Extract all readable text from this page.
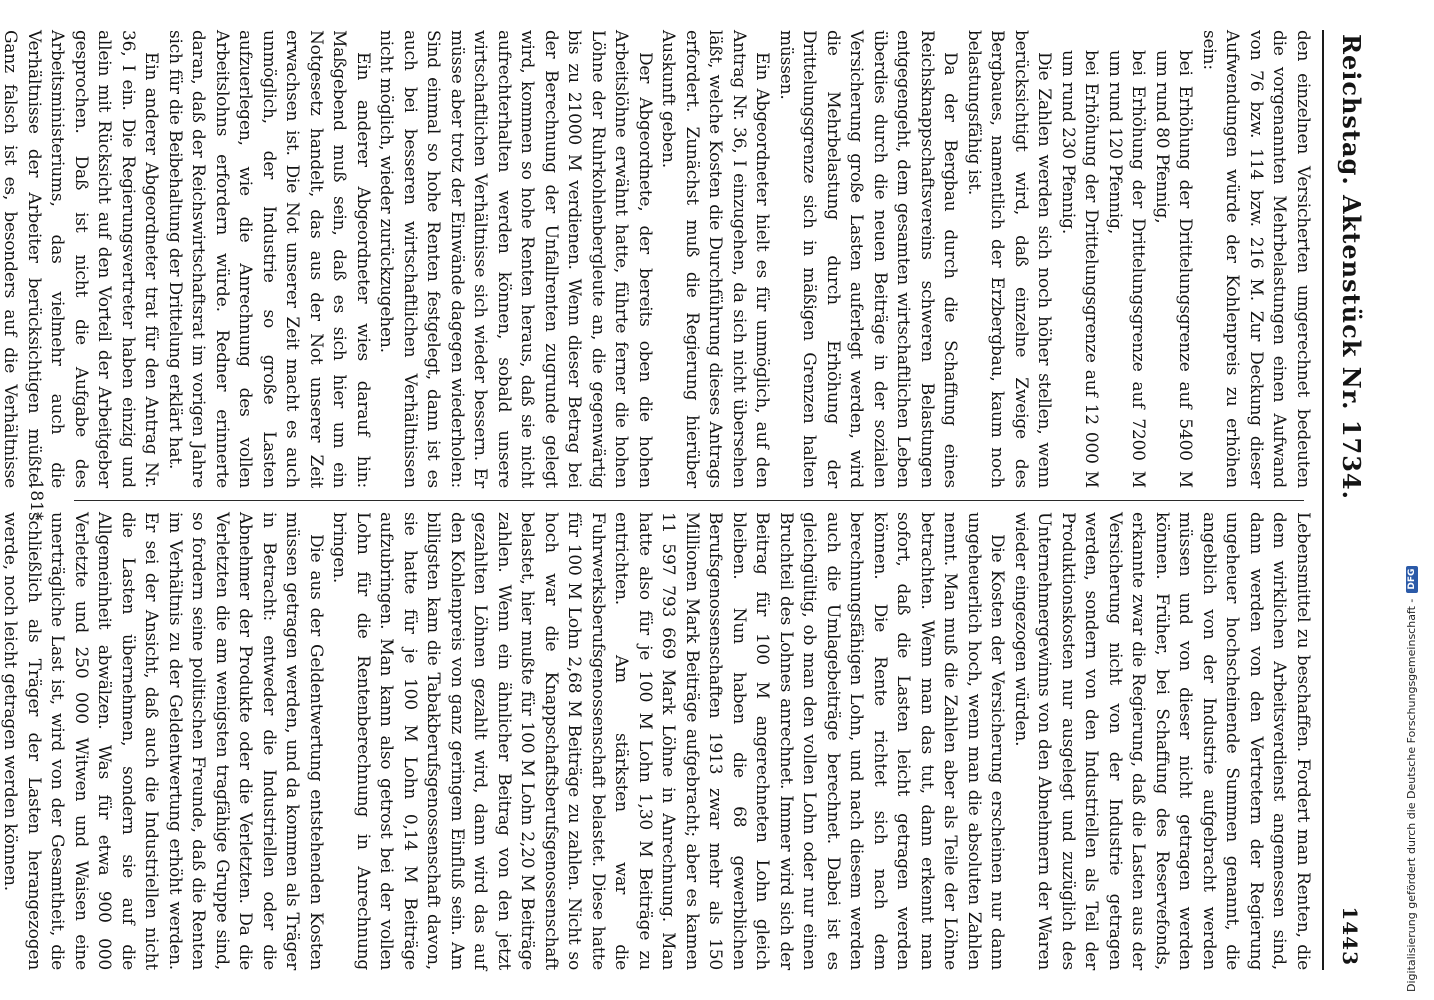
Reichstag. Aktenstück Nr. 1734.
1443

den einzelnen Versicherten umgerechnet bedeuten die vorgenannten Mehrbelastungen einen Aufwand von 76 bzw. 114 bzw. 216 M. Zur Deckung dieser Aufwendungen würde der Kohlenpreis zu erhöhen sein:

bei Erhöhung der Drittelungsgrenze auf 5400 M um rund 80 Pfennig,

bei Erhöhung der Drittelungsgrenze auf 7200 M um rund 120 Pfennig,

bei Erhöhung der Drittelungsgrenze auf 12 000 M um rund 230 Pfennig.

Die Zahlen werden sich noch höher stellen, wenn berücksichtigt wird, daß einzelne Zweige des Bergbaues, namentlich der Erzbergbau, kaum noch belastungsfähig ist.

Da der Bergbau durch die Schaffung eines Reichsknappschaftsvereins schweren Belastungen entgegengeht, dem gesamten wirtschaftlichen Leben überdies durch die neuen Beiträge in der sozialen Versicherung große Lasten auferlegt werden, wird die Mehrbelastung durch Erhöhung der Drittelungsgrenze sich in mäßigen Grenzen halten müssen.

Ein Abgeordneter hielt es für unmöglich, auf den Antrag Nr. 36, I einzugehen, da sich nicht übersehen läßt, welche Kosten die Durchführung dieses Antrags erfordert. Zunächst muß die Regierung hierüber Auskunft geben.

Der Abgeordnete, der bereits oben die hohen Arbeitslöhne erwähnt hatte, führte ferner die hohen Löhne der Ruhrkohlenbergleute an, die gegenwärtig bis zu 21000 M verdienen. Wenn dieser Betrag bei der Berechnung der Unfallrenten zugrunde gelegt wird, kommen so hohe Renten heraus, daß sie nicht aufrechterhalten werden können, sobald unsere wirtschaftlichen Verhältnisse sich wieder bessern. Er müsse aber trotz der Einwände dagegen wiederholen: Sind einmal so hohe Renten festgelegt, dann ist es auch bei besseren wirtschaftlichen Verhältnissen nicht möglich, wieder zurückzugehen.

Ein anderer Abgeordneter wies darauf hin: Maßgebend muß sein, daß es sich hier um ein Notgesetz handelt, das aus der Not unserer Zeit erwachsen ist. Die Not unserer Zeit macht es auch unmöglich, der Industrie so große Lasten aufzuerlegen, wie die Anrechnung des vollen Arbeitslohns erfordern würde. Redner erinnerte daran, daß der Reichswirtschaftsrat im vorigen Jahre sich für die Beibehaltung der Drittelung erklärt hat.

Ein anderer Abgeordneter trat für den Antrag Nr. 36, I ein. Die Regierungsvertreter haben einzig und allein mit Rücksicht auf den Vorteil der Arbeitgeber gesprochen. Daß ist nicht die Aufgabe des Arbeitsministeriums, das vielmehr auch die Verhältnisse der Arbeiter berücksichtigen müßte. Ganz falsch ist es, besonders auf die Verhältnisse

Lebensmittel zu beschaffen. Fordert man Renten, die dem wirklichen Arbeitsverdienst angemessen sind, dann werden von den Vertretern der Regierung ungeheuer hochscheinende Summen genannt, die angeblich von der Industrie aufgebracht werden müssen und von dieser nicht getragen werden können. Früher, bei Schaffung des Reservefonds, erkannte zwar die Regierung, daß die Lasten aus der Versicherung nicht von der Industrie getragen werden, sondern von den Industriellen als Teil der Produktionskosten nur ausgelegt und zuzüglich des Unternehmergewinns von den Abnehmern der Waren wieder eingezogen würden.

Die Kosten der Versicherung erscheinen nur dann ungeheuerlich hoch, wenn man die absoluten Zahlen nennt. Man muß die Zahlen aber als Teile der Löhne betrachten. Wenn man das tut, dann erkennt man sofort, daß die Lasten leicht getragen werden können. Die Rente richtet sich nach dem berechnungsfähigen Lohn, und nach diesem werden auch die Umlagebeiträge berechnet. Dabei ist es gleichgültig, ob man den vollen Lohn oder nur einen Bruchteil des Lohnes anrechnet. Immer wird sich der Beitrag für 100 M angerechneten Lohn gleich bleiben. Nun haben die 68 gewerblichen Berufsgenossenschaften 1913 zwar mehr als 150 Millionen Mark Beiträge aufgebracht; aber es kamen 11 597 793 669 Mark Löhne in Anrechnung. Man hatte also für je 100 M Lohn 1,30 M Beiträge zu entrichten. Am stärksten war die Fuhrwerksberufsgenossenschaft belastet. Diese hatte für 100 M Lohn 2,68 M Beiträge zu zahlen. Nicht so hoch war die Knappschaftsberufsgenossenschaft belastet, hier mußte für 100 M Lohn 2,20 M Beiträge zahlen. Wenn ein ähnlicher Beitrag von den jetzt gezahlten Löhnen gezahlt wird, dann wird das auf den Kohlenpreis von ganz geringem Einfluß sein. Am billigsten kam die Tabakberufsgenossenschaft davon, sie hatte für je 100 M Lohn 0,14 M Beiträge aufzubringen. Man kann also getrost bei der vollen Lohn für die Rentenberechnung in Anrechnung bringen.

Die aus der Geldentwertung entstehenden Kosten müssen getragen werden, und da kommen als Träger in Betracht: entweder die Industriellen oder die Abnehmer der Produkte oder die Verletzten. Da die Verletzten die am wenigsten tragfähige Gruppe sind, so fordern seine politischen Freunde, daß die Renten im Verhältnis zu der Geldentwertung erhöht werden. Er sei der Ansicht, daß auch die Industriellen nicht die Lasten übernehmen, sondern sie auf die Allgemeinheit abwälzen. Was für etwa 900 000 Verletzte und 250 000 Witwen und Waisen eine unerträgliche Last ist, wird von der Gesamtheit, die schließlich als Träger der Lasten herangezogen werde, noch leicht getragen werden können.

181*
Digitalisierung gefördert durch die Deutsche Forschungsgemeinschaft -
DFG
